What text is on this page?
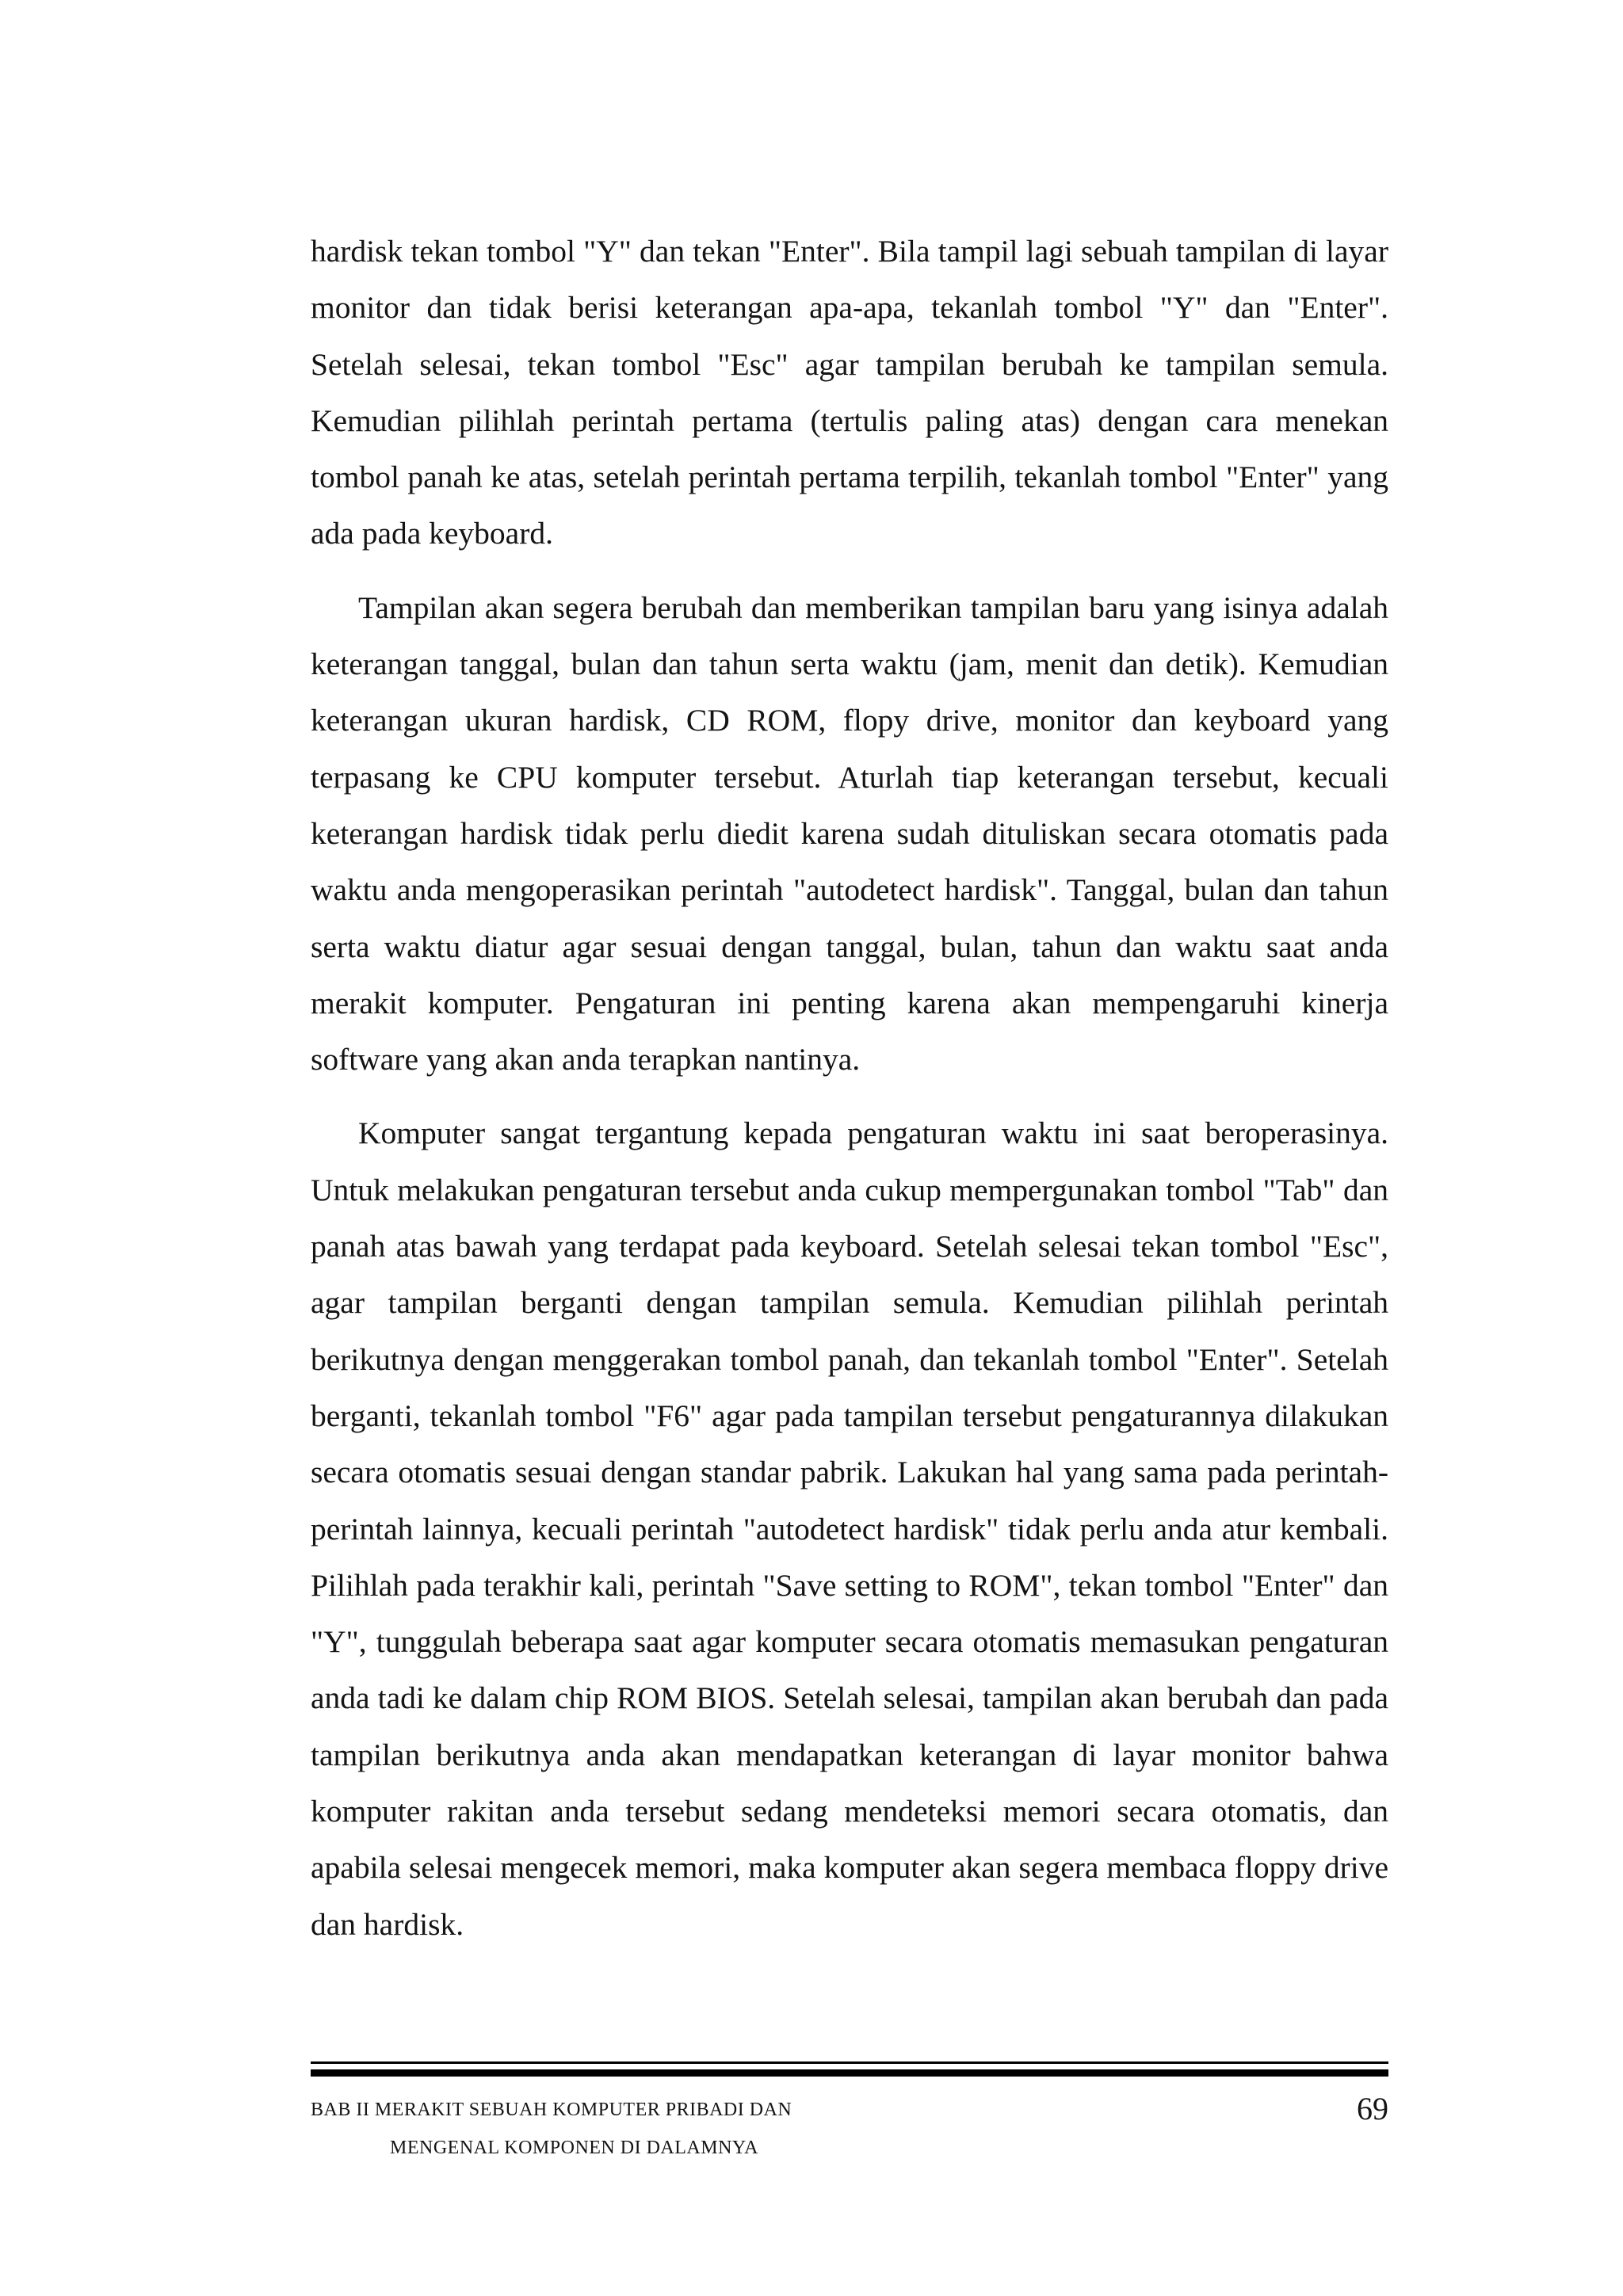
hardisk tekan tombol "Y" dan tekan "Enter". Bila tampil lagi sebuah tampilan di layar monitor dan tidak berisi keterangan apa-apa, tekanlah tombol "Y" dan "Enter". Setelah selesai, tekan tombol "Esc" agar tampilan berubah ke tampilan semula. Kemudian pilihlah perintah pertama (tertulis paling atas) dengan cara menekan tombol panah ke atas, setelah perintah pertama terpilih, tekanlah tombol "Enter" yang ada pada keyboard.

Tampilan akan segera berubah dan memberikan tampilan baru yang isinya adalah keterangan tanggal, bulan dan tahun serta waktu (jam, menit dan detik). Kemudian keterangan ukuran hardisk, CD ROM, flopy drive, monitor dan keyboard yang terpasang ke CPU komputer tersebut. Aturlah tiap keterangan tersebut, kecuali keterangan hardisk tidak perlu diedit karena sudah dituliskan secara otomatis pada waktu anda mengoperasikan perintah "autodetect hardisk". Tanggal, bulan dan tahun serta waktu diatur agar sesuai dengan tanggal, bulan, tahun dan waktu saat anda merakit komputer. Pengaturan ini penting karena akan mempengaruhi kinerja software yang akan anda terapkan nantinya.

Komputer sangat tergantung kepada pengaturan waktu ini saat beroperasinya. Untuk melakukan pengaturan tersebut anda cukup mempergunakan tombol "Tab" dan panah atas bawah yang terdapat pada keyboard. Setelah selesai tekan tombol "Esc", agar tampilan berganti dengan tampilan semula. Kemudian pilihlah perintah berikutnya dengan menggerakan tombol panah, dan tekanlah tombol "Enter". Setelah berganti, tekanlah tombol "F6" agar pada tampilan tersebut pengaturannya dilakukan secara otomatis sesuai dengan standar pabrik. Lakukan hal yang sama pada perintah-perintah lainnya, kecuali perintah "autodetect hardisk" tidak perlu anda atur kembali. Pilihlah pada terakhir kali, perintah "Save setting to ROM", tekan tombol "Enter" dan "Y", tunggulah beberapa saat agar komputer secara otomatis memasukan pengaturan anda tadi ke dalam chip ROM BIOS. Setelah selesai, tampilan akan berubah dan pada tampilan berikutnya anda akan mendapatkan keterangan di layar monitor bahwa komputer rakitan anda tersebut sedang mendeteksi memori secara otomatis, dan apabila selesai mengecek memori, maka komputer akan segera membaca floppy drive dan hardisk.

BAB II MERAKIT SEBUAH KOMPUTER PRIBADI DAN
MENGENAL KOMPONEN DI DALAMNYA
69
